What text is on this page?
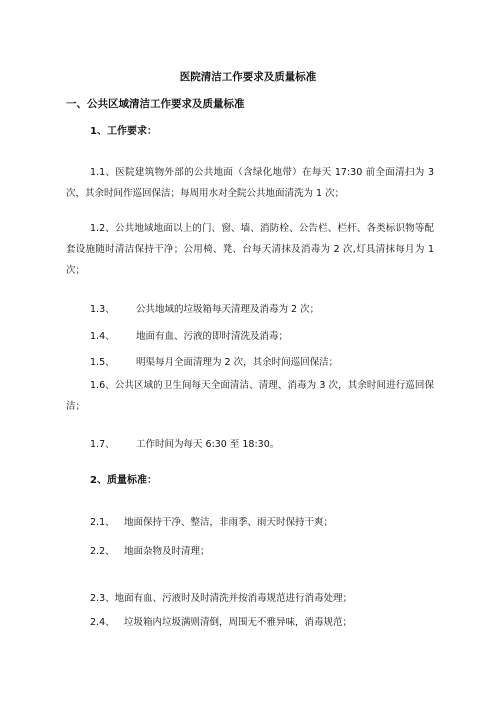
医院清洁工作要求及质量标准
一、公共区域清洁工作要求及质量标准
1、工作要求：
1.1、医院建筑物外部的公共地面（含绿化地带）在每天 17:30 前全面清扫为 3 次，其余时间作巡回保洁；每周用水对全院公共地面清洗为 1 次；
1.2、公共地域地面以上的门、窗、墙、消防栓、公告栏、栏杆、各类标识物等配套设施随时清洁保持干净；公用椅、凳、台每天清抹及消毒为 2 次,灯具清抹每月为 1 次；
1.3、 公共地域的垃圾箱每天清理及消毒为 2 次；
1.4、 地面有血、污液的即时清洗及消毒；
1.5、 明渠每月全面清理为 2 次，其余时间巡回保洁；
1.6、公共区域的卫生间每天全面清洁、清理、消毒为 3 次，其余时间进行巡回保洁；
1.7、 工作时间为每天 6:30 至 18:30。
2、质量标准：
2.1、 地面保持干净、整洁，非雨季、雨天时保持干爽；
2.2、 地面杂物及时清理；
2.3、地面有血、污液时及时清洗并按消毒规范进行消毒处理；
2.4、 垃圾箱内垃圾满则清倒，周围无不雅异味，消毒规范；
